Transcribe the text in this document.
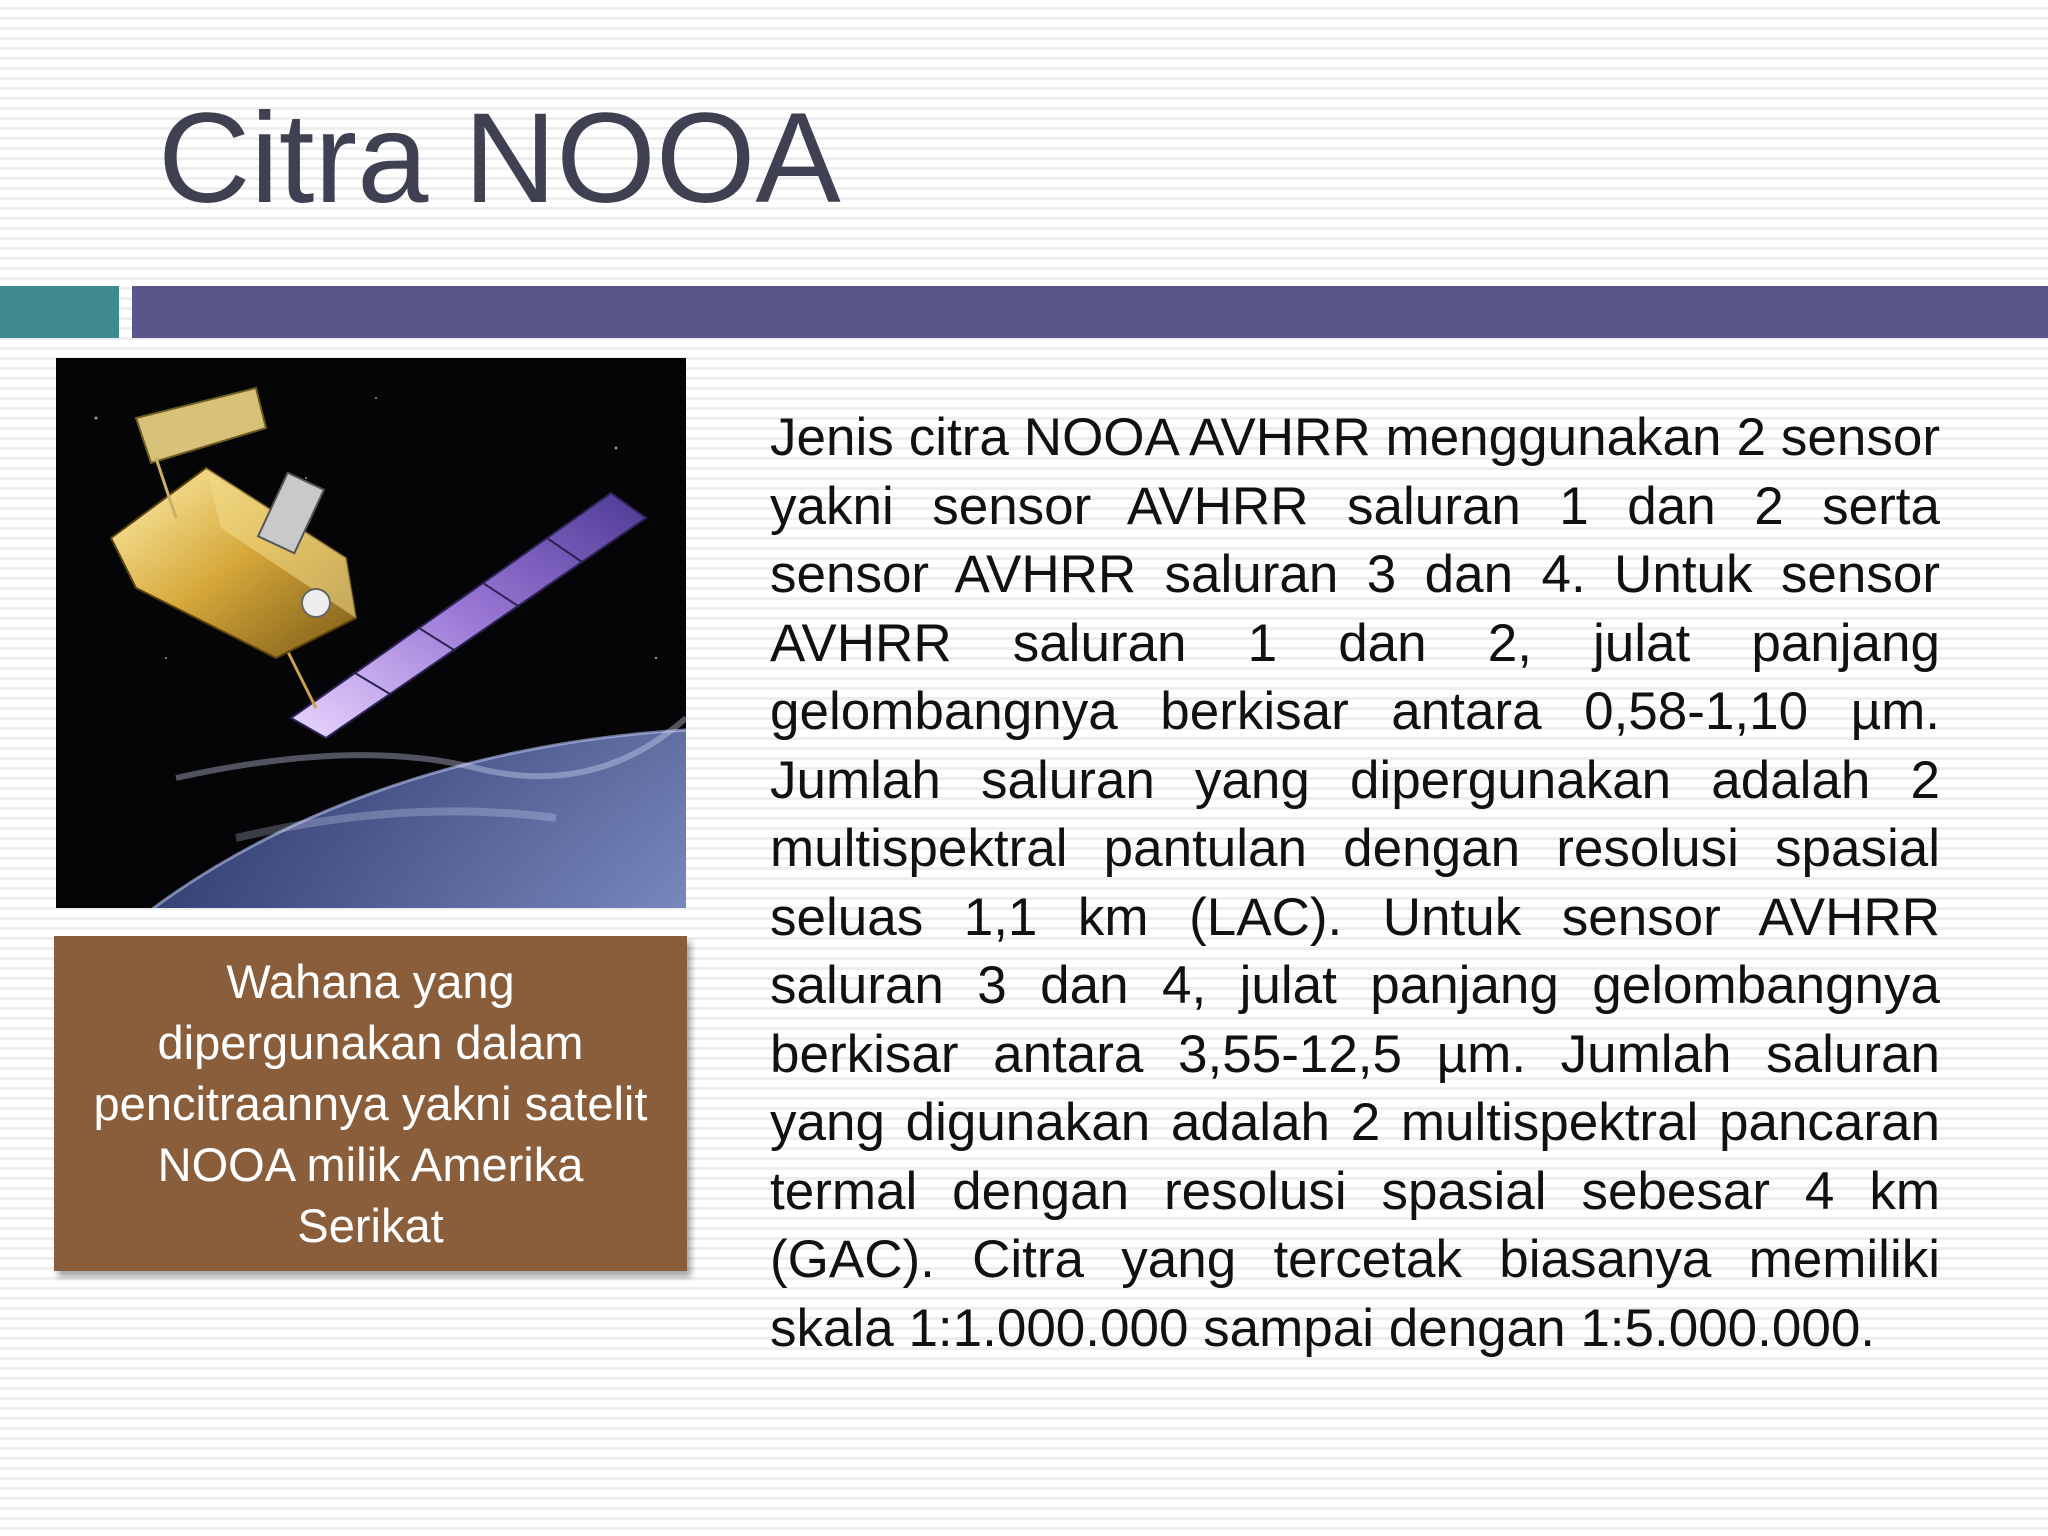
Citra NOOA
Wahana yang dipergunakan dalam pencitraannya yakni satelit NOOA milik Amerika Serikat

Jenis citra NOOA AVHRR menggunakan 2 sensor yakni sensor AVHRR saluran 1 dan 2 serta sensor AVHRR saluran 3 dan 4. Untuk sensor AVHRR saluran 1 dan 2, julat panjang gelombangnya berkisar antara 0,58-1,10 µm. Jumlah saluran yang dipergunakan adalah 2 multispektral pantulan dengan resolusi spasial seluas 1,1 km (LAC). Untuk sensor AVHRR saluran 3 dan 4, julat panjang gelombangnya berkisar antara 3,55-12,5 µm. Jumlah saluran yang digunakan adalah 2 multispektral pancaran termal dengan resolusi spasial sebesar 4 km (GAC). Citra yang tercetak biasanya memiliki skala 1:1.000.000 sampai dengan 1:5.000.000.
